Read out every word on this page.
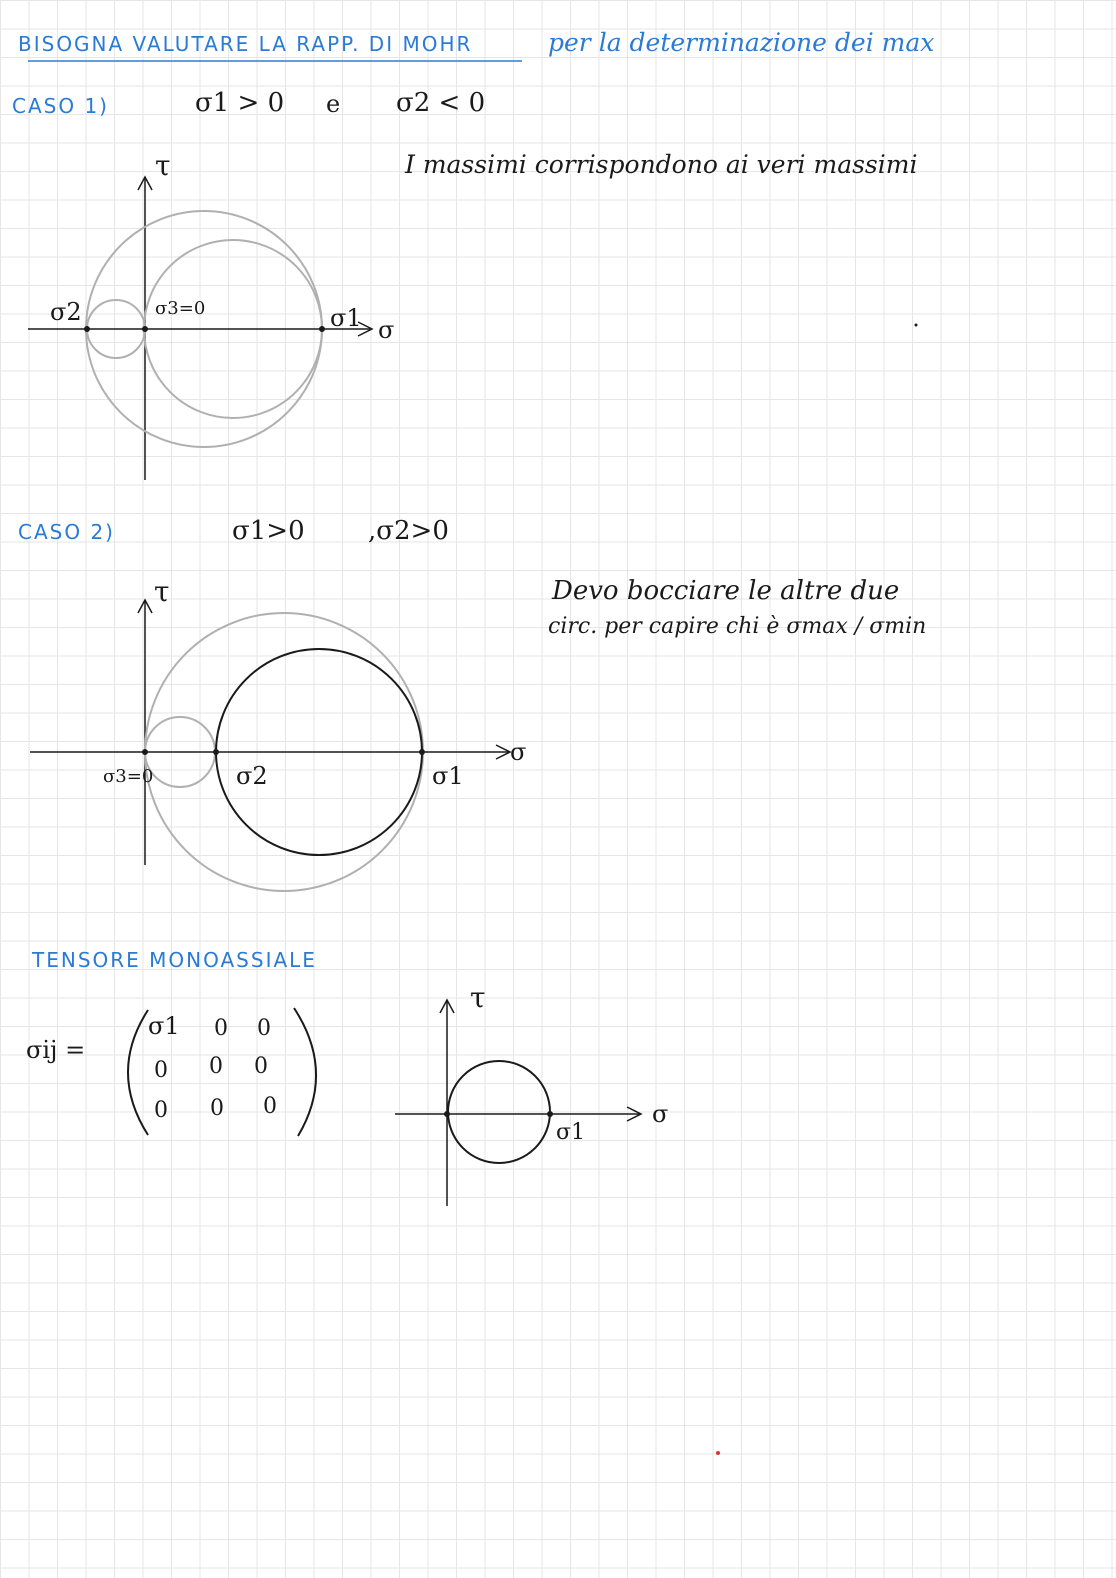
BISOGNA VALUTARE LA RAPP. DI MOHR	per la determinazione dei max
CASO 1)	σ1 > 0 e σ2 < 0
I massimi corrispondono ai veri massimi
τ
σ
σ2	σ3=0	σ1
CASO 2)	σ1>0 ,σ2>0
Devo bocciare le altre due
circ. per capire chi è σmax / σmin
τ
σ
σ3=0	σ2	σ1
TENSORE MONOASSIALE
σij =
σ1 0 0
0 0 0
0 0 0
τ
σ
σ1
